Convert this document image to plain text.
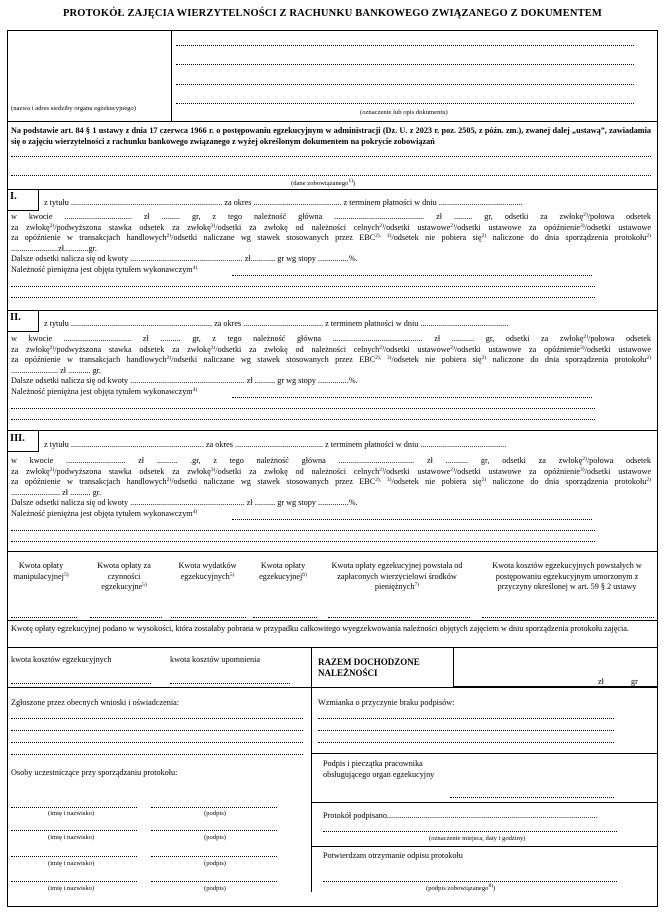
PROTOKÓŁ ZAJĘCIA WIERZYTELNOŚCI Z RACHUNKU BANKOWEGO ZWIĄZANEGO Z DOKUMENTEM
(nazwa i adres siedziby organu egzekucyjnego)
(oznaczenie lub opis dokumentu)
Na podstawie art. 84 § 1 ustawy z dnia 17 czerwca 1966 r. o postępowaniu egzekucyjnym w administracji (Dz. U. z 2023 r. poz. 2505, z późn. zm.), zwanej dalej „ustawą”, zawiadamia się o zajęciu wierzytelności z rachunku bankowego związanego z wyżej określonym dokumentem na pokrycie zobowiązań
(dane zobowiązanego$^{1)}$)
I.
z tytułu .......................................................................... za okres ........................................... z terminem płatności w dniu .........................................

w kwocie ................................. zł ......... gr, z tego należność główna ............................................ zł ......... gr, odsetki za zwłokę$^{2)}$/połowa odsetek

za zwłokę$^{2)}$/podwyższona stawka odsetek za zwłokę$^{3)}$/odsetki za zwłokę od należności celnych$^{2)}$/odsetki ustawowe$^{2)}$/odsetki ustawowe za opóźnienie$^{3)}$/odsetki ustawowe

za opóźnienie w transakcjach handlowych$^{2)}$/odsetki naliczane wg stawek stosowanych przez $EBC^{2), 3)}$/odsetek nie pobiera się$^{2)}$ naliczone do dnia sporządzenia protokołu$^{2)}$

.......................zł............gr.

Dalsze odsetki nalicza się od kwoty ....................................................... zł............ gr wg stopy ...............%.

Należność pieniężna jest objęta tytułem wykonawczym$^{4)}$

II.
z tytułu ..................................................................... za okres ....................................... z terminem płatności w dniu ...........................................

w kwocie ................................. zł .......... gr, z tego należność główna ............................................ zł ........... gr, odsetki za zwłokę$^{2)}$/połowa odsetek

za zwłokę$^{2)}$/podwyższona stawka odsetek za zwłokę$^{3)}$/odsetki za zwłokę od należności celnych$^{2)}$/odsetki ustawowe$^{2)}$/odsetki ustawowe za opóźnienie$^{3)}$/odsetki ustawowe

za opóźnienie w transakcjach handlowych$^{2)}$/odsetki naliczane wg stawek stosowanych przez $EBC^{2), 3)}$/odsetek nie pobiera się$^{2)}$ naliczone do dnia sporządzenia protokołu$^{2)}$

....................... zł ........... gr.

Dalsze odsetki nalicza się od kwoty ........................................................ zł .......... gr wg stopy ...............%.

Należność pieniężna jest objęta tytułem wykonawczym$^{4)}$

III.
z tytułu ................................................................. za okres ........................................... z terminem płatności w dniu ..........................................

w kwocie ............................. zł .......... .gr, z tego należność główna ..................................... zł ........... gr, odsetki za zwłokę$^{2)}$/połowa odsetek

za zwłokę$^{2)}$/podwyższona stawka odsetek za zwłokę$^{3)}$/odsetki za zwłokę od należności celnych$^{2)}$/odsetki ustawowe$^{2)}$/odsetki ustawowe za opóźnienie$^{3)}$/odsetki ustawowe

za opóźnienie w transakcjach handlowych$^{2)}$/odsetki naliczane wg stawek stosowanych przez $EBC^{2), 3)}$/odsetek nie pobiera się$^{2)}$ naliczone do dnia sporządzenia protokołu$^{2)}$

........................ zł .......... gr.

Dalsze odsetki nalicza się od kwoty ........................................................ zł .......... gr wg stopy ...............%.

Należność pieniężna jest objęta tytułem wykonawczym$^{4)}$

Kwota opłaty manipulacyjnej$^{5)}$
Kwota opłaty za czynności egzekucyjne$^{5)}$
Kwota wydatków egzekucyjnych$^{5)}$
Kwota opłaty egzekucyjnej$^{6)}$
Kwota opłaty egzekucyjnej powstała od zapłaconych wierzycielowi środków pieniężnych$^{7)}$
Kwota kosztów egzekucyjnych powstałych w postępowaniu egzekucyjnym umorzonym z przyczyny określonej w art. 59 § 2 ustawy
Kwotę opłaty egzekucyjnej podano w wysokości, która zostałaby pobrana w przypadku całkowitego wyegzekwowania należności objętych zajęciem w dniu sporządzenia protokołu zajęcia.
kwota kosztów egzekucyjnych	kwota kosztów upomnienia	RAZEM DOCHODZONE NALEŻNOŚCI
zł	gr
Zgłoszone przez obecnych wnioski i oświadczenia:
Osoby uczestniczące przy sporządzaniu protokołu:
(imię i nazwisko)	(podpis)
(imię i nazwisko)	(podpis)
(imię i nazwisko)	(podpis)
(imię i nazwisko)	(podpis)
Wzmianka o przyczynie braku podpisów:
Podpis i pieczątka pracownika obsługującego organ egzekucyjny
Protokół podpisano.......................................................................................................
(oznaczenie miejsca, daty i godziny)
Potwierdzam otrzymanie odpisu protokołu
(podpis zobowiązanego$^{8)}$)
